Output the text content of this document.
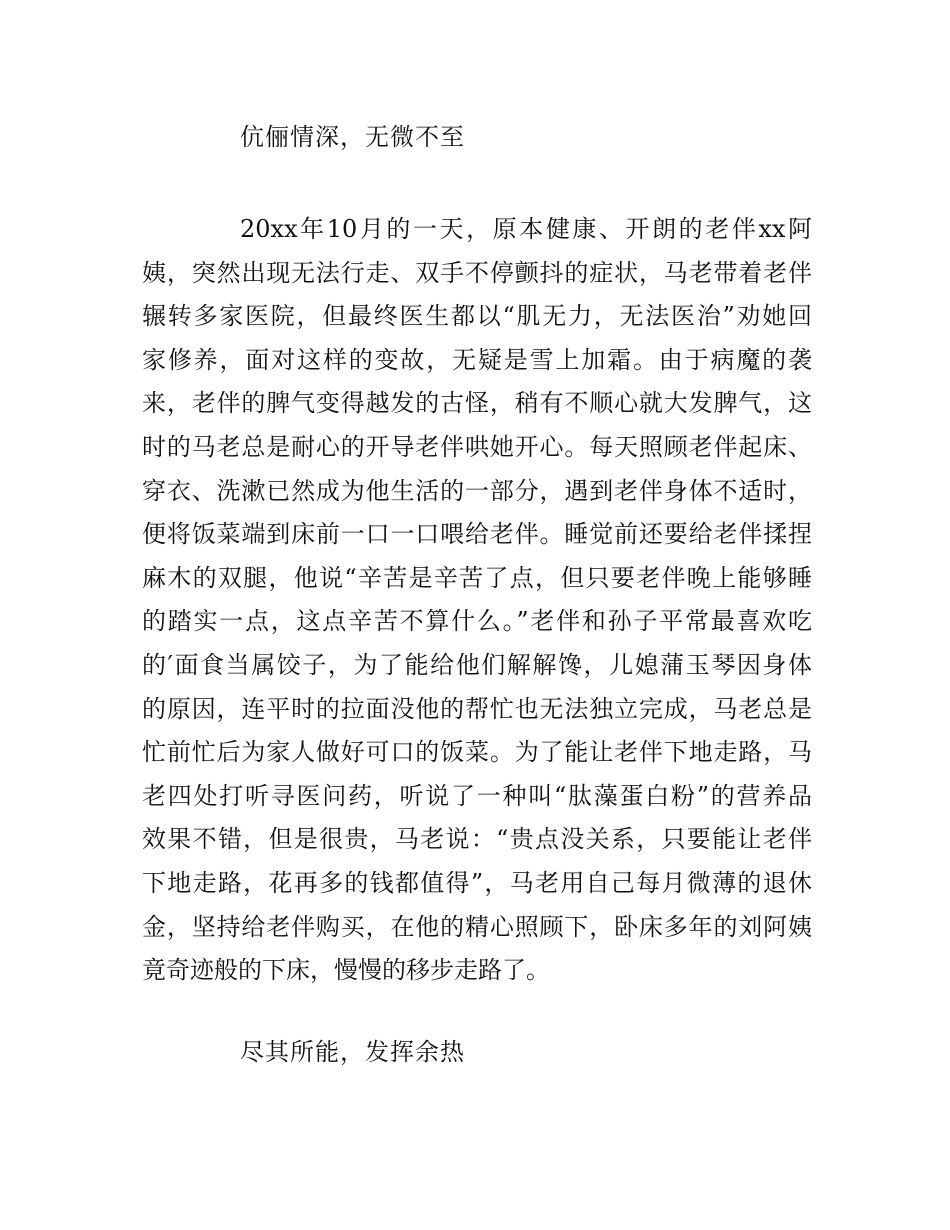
伉俪情深，无微不至
20xx年10月的一天，原本健康、开朗的老伴xx阿
姨，突然出现无法行走、双手不停颤抖的症状，马老带着老伴
辗转多家医院，但最终医生都以“肌无力，无法医治”劝她回
家修养，面对这样的变故，无疑是雪上加霜。由于病魔的袭
来，老伴的脾气变得越发的古怪，稍有不顺心就大发脾气，这
时的马老总是耐心的开导老伴哄她开心。每天照顾老伴起床、
穿衣、洗漱已然成为他生活的一部分，遇到老伴身体不适时，
便将饭菜端到床前一口一口喂给老伴。睡觉前还要给老伴揉捏
麻木的双腿，他说“辛苦是辛苦了点，但只要老伴晚上能够睡
的踏实一点，这点辛苦不算什么。”老伴和孙子平常最喜欢吃
的′面食当属饺子，为了能给他们解解馋，儿媳蒲玉琴因身体
的原因，连平时的拉面没他的帮忙也无法独立完成，马老总是
忙前忙后为家人做好可口的饭菜。为了能让老伴下地走路，马
老四处打听寻医问药，听说了一种叫“肽藻蛋白粉”的营养品
效果不错，但是很贵，马老说：“贵点没关系，只要能让老伴
下地走路，花再多的钱都值得”，马老用自己每月微薄的退休
金，坚持给老伴购买，在他的精心照顾下，卧床多年的刘阿姨
竟奇迹般的下床，慢慢的移步走路了。
尽其所能，发挥余热
